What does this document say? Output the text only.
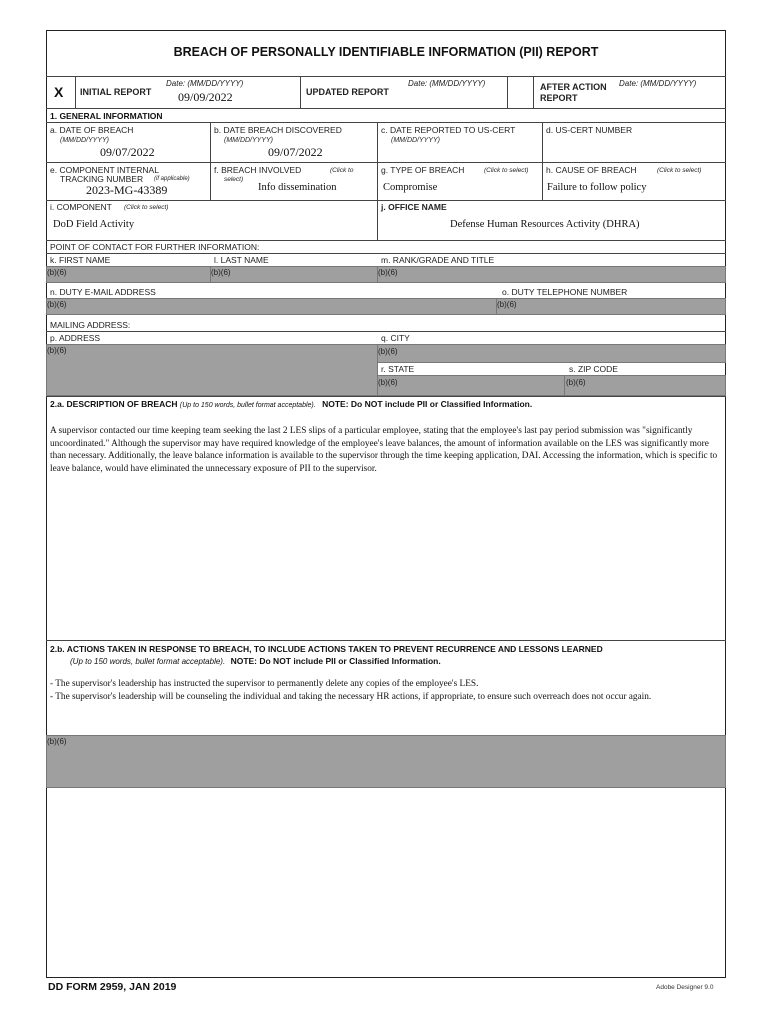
BREACH OF PERSONALLY IDENTIFIABLE INFORMATION (PII) REPORT
X INITIAL REPORT
Date: (MM/DD/YYYY)
09/09/2022	UPDATED REPORT
Date: (MM/DD/YYYY)	AFTER ACTION REPORT
Date: (MM/DD/YYYY)
1. GENERAL INFORMATION
a. DATE OF BREACH
(MM/DD/YYYY)
09/07/2022
b. DATE BREACH DISCOVERED
(MM/DD/YYYY)
09/07/2022
c. DATE REPORTED TO US-CERT
(MM/DD/YYYY)
d. US-CERT NUMBER
e. COMPONENT INTERNAL
TRACKING NUMBER (if applicable)
2023-MG-43389
f. BREACH INVOLVED	(Click to
select)
Info dissemination
g. TYPE OF BREACH	(Click to select)
Compromise
h. CAUSE OF BREACH	(Click to select)
Failure to follow policy
i. COMPONENT (Click to select)
DoD Field Activity
j. OFFICE NAME
Defense Human Resources Activity (DHRA)
POINT OF CONTACT FOR FURTHER INFORMATION:
k. FIRST NAME	l. LAST NAME	m. RANK/GRADE AND TITLE
(b)(6)	(b)(6)	(b)(6)
n. DUTY E-MAIL ADDRESS	o. DUTY TELEPHONE NUMBER
(b)(6)	(b)(6)
MAILING ADDRESS:
p. ADDRESS	q. CITY
(b)(6)	(b)(6)
r. STATE	s. ZIP CODE
(b)(6)	(b)(6)
2.a. DESCRIPTION OF BREACH (Up to 150 words, bullet format acceptable). NOTE: Do NOT include PII or Classified Information.

A supervisor contacted our time keeping team seeking the last 2 LES slips of a particular employee, stating that the employee's last pay period submission was "significantly uncoordinated." Although the supervisor may have required knowledge of the employee's leave balances, the amount of information available on the LES was significantly more than necessary. Additionally, the leave balance information is available to the supervisor through the time keeping application, DAI. Accessing the information, which is specific to leave balance, would have eliminated the unnecessary exposure of PII to the supervisor.

2.b. ACTIONS TAKEN IN RESPONSE TO BREACH, TO INCLUDE ACTIONS TAKEN TO PREVENT RECURRENCE AND LESSONS LEARNED
(Up to 150 words, bullet format acceptable). NOTE: Do NOT include PII or Classified Information.

- The supervisor's leadership has instructed the supervisor to permanently delete any copies of the employee's LES.

- The supervisor's leadership will be counseling the individual and taking the necessary HR actions, if appropriate, to ensure such overreach does not occur again.

(b)(6)
DD FORM 2959, JAN 2019	Adobe Designer 9.0
